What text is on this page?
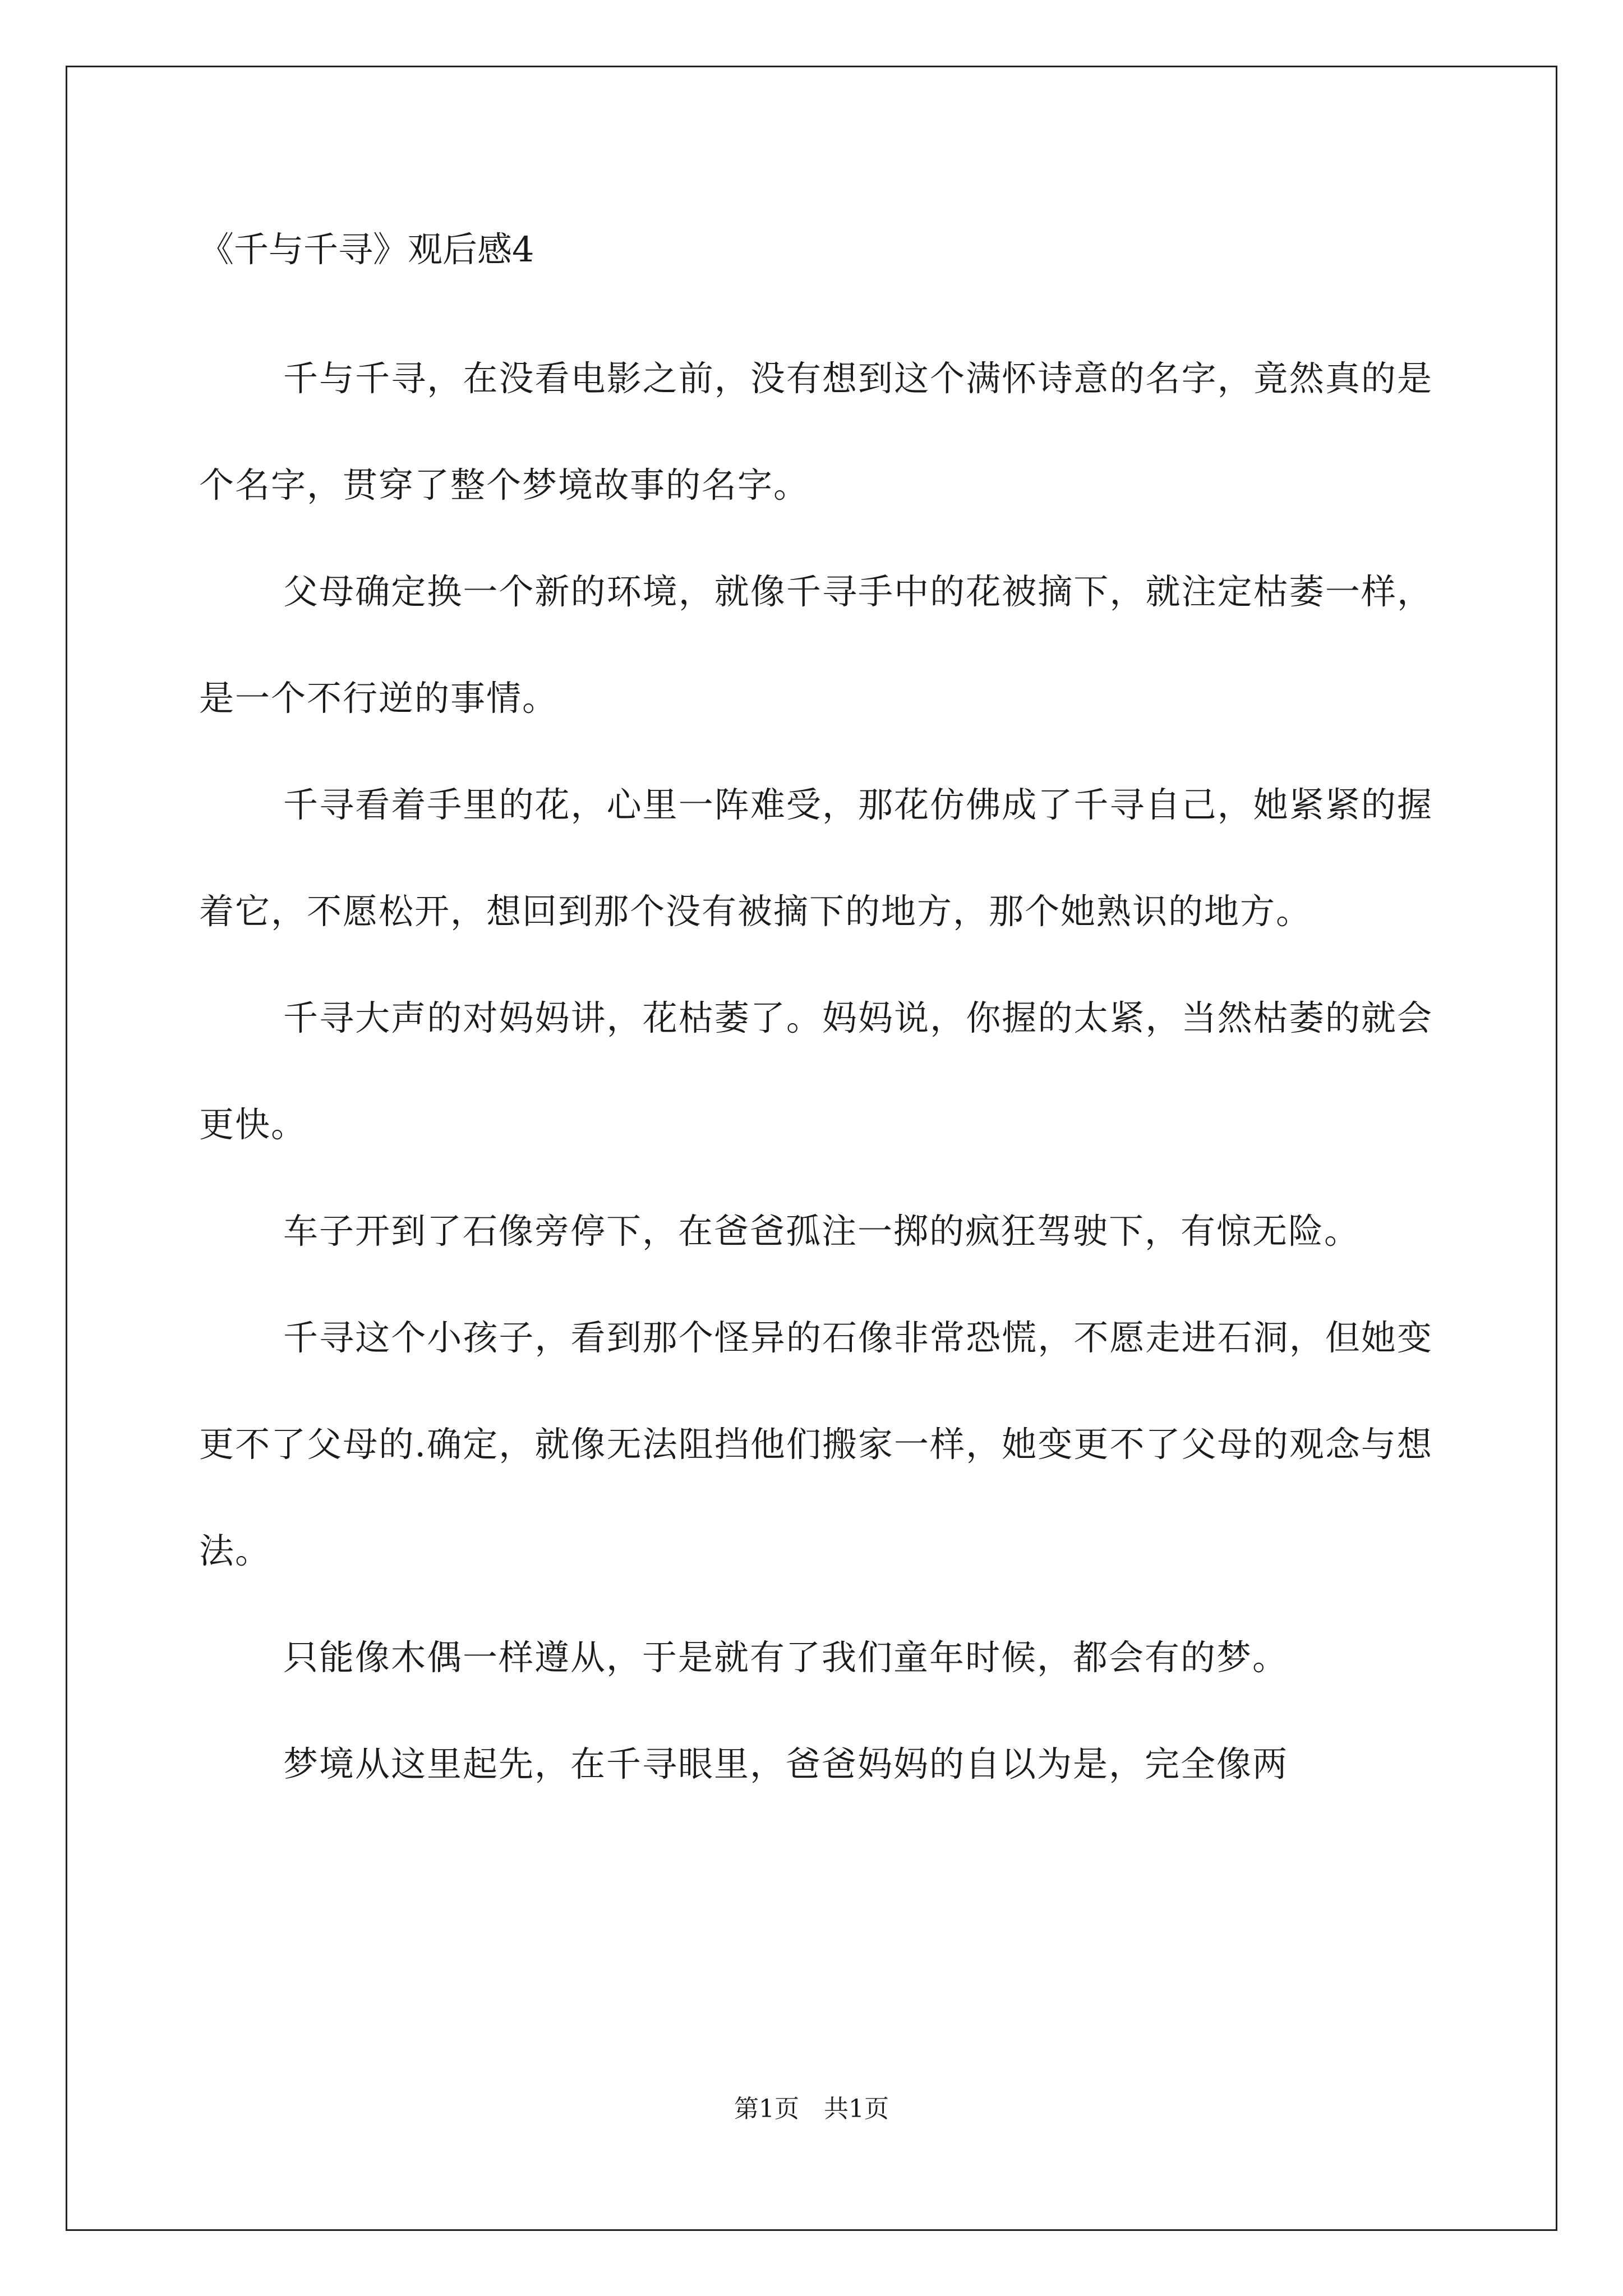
《千与千寻》观后感4

千与千寻，在没看电影之前，没有想到这个满怀诗意的名字，竟然真的是个名字，贯穿了整个梦境故事的名字。

父母确定换一个新的环境，就像千寻手中的花被摘下，就注定枯萎一样，是一个不行逆的事情。

千寻看着手里的花，心里一阵难受，那花仿佛成了千寻自己，她紧紧的握着它，不愿松开，想回到那个没有被摘下的地方，那个她熟识的地方。

千寻大声的对妈妈讲，花枯萎了。妈妈说，你握的太紧，当然枯萎的就会更快。

车子开到了石像旁停下，在爸爸孤注一掷的疯狂驾驶下，有惊无险。

千寻这个小孩子，看到那个怪异的石像非常恐慌，不愿走进石洞，但她变更不了父母的.确定，就像无法阻挡他们搬家一样，她变更不了父母的观念与想法。

只能像木偶一样遵从，于是就有了我们童年时候，都会有的梦。

梦境从这里起先，在千寻眼里，爸爸妈妈的自以为是，完全像两

第1页　共1页
